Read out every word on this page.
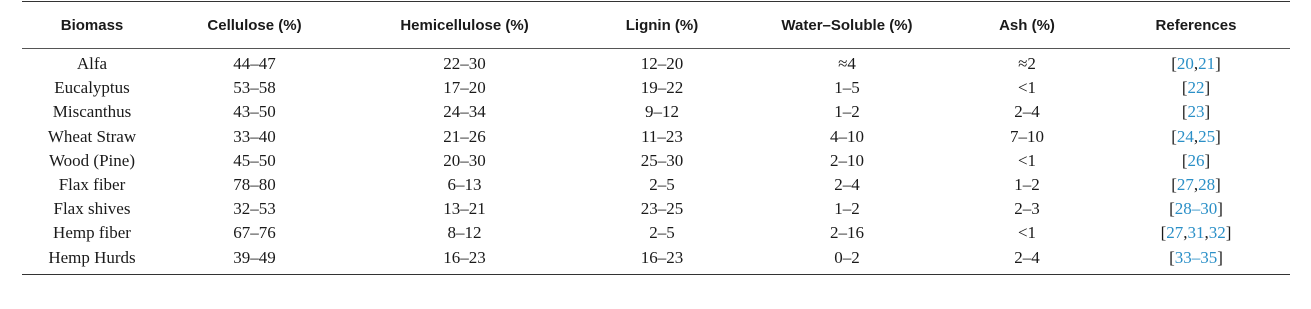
Biomass	Cellulose (%)	Hemicellulose (%)	Lignin (%)	Water–Soluble (%)	Ash (%)	References
Alfa	44–47	22–30	12–20	≈4	≈2	[20,21]
Eucalyptus	53–58	17–20	19–22	1–5	<1	[22]
Miscanthus	43–50	24–34	9–12	1–2	2–4	[23]
Wheat Straw	33–40	21–26	11–23	4–10	7–10	[24,25]
Wood (Pine)	45–50	20–30	25–30	2–10	<1	[26]
Flax fiber	78–80	6–13	2–5	2–4	1–2	[27,28]
Flax shives	32–53	13–21	23–25	1–2	2–3	[28–30]
Hemp fiber	67–76	8–12	2–5	2–16	<1	[27,31,32]
Hemp Hurds	39–49	16–23	16–23	0–2	2–4	[33–35]
